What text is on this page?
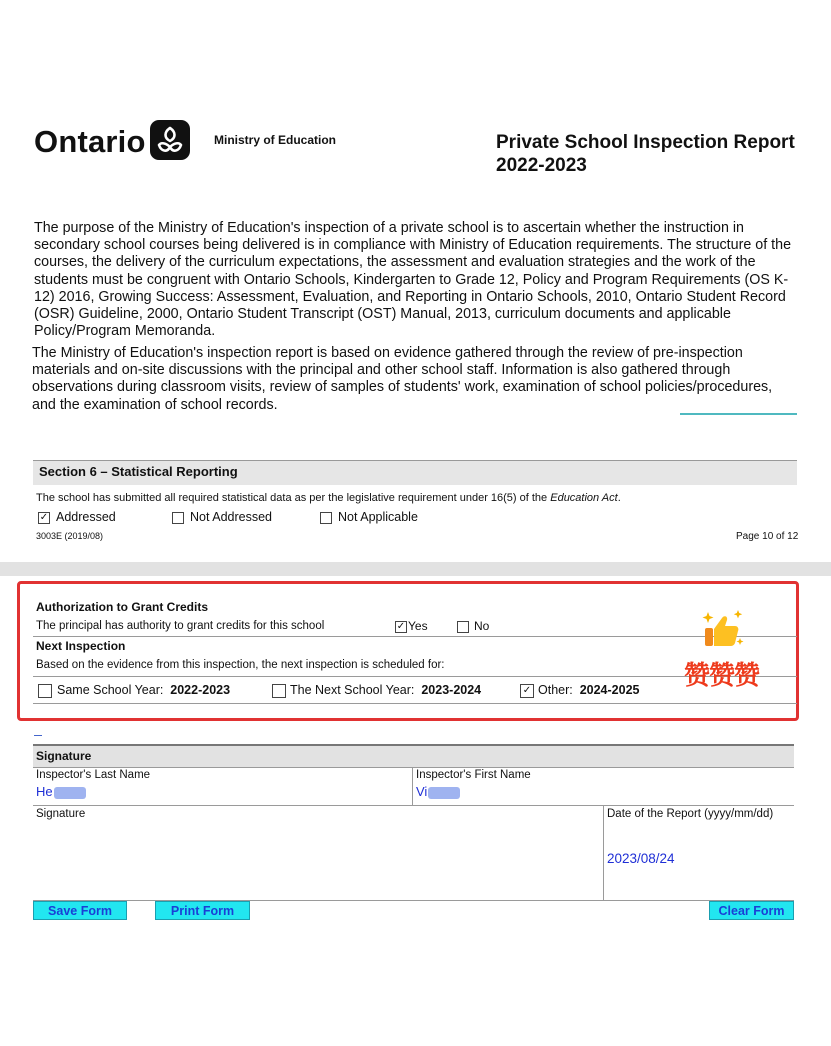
Ontario	Ministry of Education	Private School Inspection Report
2022-2023
The purpose of the Ministry of Education's inspection of a private school is to ascertain whether the instruction in secondary school courses being delivered is in compliance with Ministry of Education requirements. The structure of the courses, the delivery of the curriculum expectations, the assessment and evaluation strategies and the work of the students must be congruent with Ontario Schools, Kindergarten to Grade 12, Policy and Program Requirements (OS K-12) 2016, Growing Success: Assessment, Evaluation, and Reporting in Ontario Schools, 2010, Ontario Student Record (OSR) Guideline, 2000, Ontario Student Transcript (OST) Manual, 2013, curriculum documents and applicable Policy/Program Memoranda.
The Ministry of Education's inspection report is based on evidence gathered through the review of pre-inspection materials and on-site discussions with the principal and other school staff. Information is also gathered through observations during classroom visits, review of samples of students' work, examination of school policies/procedures, and the examination of school records.
Section 6 – Statistical Reporting
The school has submitted all required statistical data as per the legislative requirement under 16(5) of the Education Act.
✓ Addressed	Not Addressed	Not Applicable
3003E (2019/08)	Page 10 of 12
Authorization to Grant Credits
The principal has authority to grant credits for this school	✓ Yes	No
Next Inspection
Based on the evidence from this inspection, the next inspection is scheduled for:
Same School Year: 2022-2023	The Next School Year: 2023-2024	✓ Other: 2024-2025 赞赞赞
Signature
Inspector's Last Name
He
Inspector's First Name
Vi
Signature	Date of the Report (yyyy/mm/dd)
2023/08/24
Save Form	Print Form	Clear Form
